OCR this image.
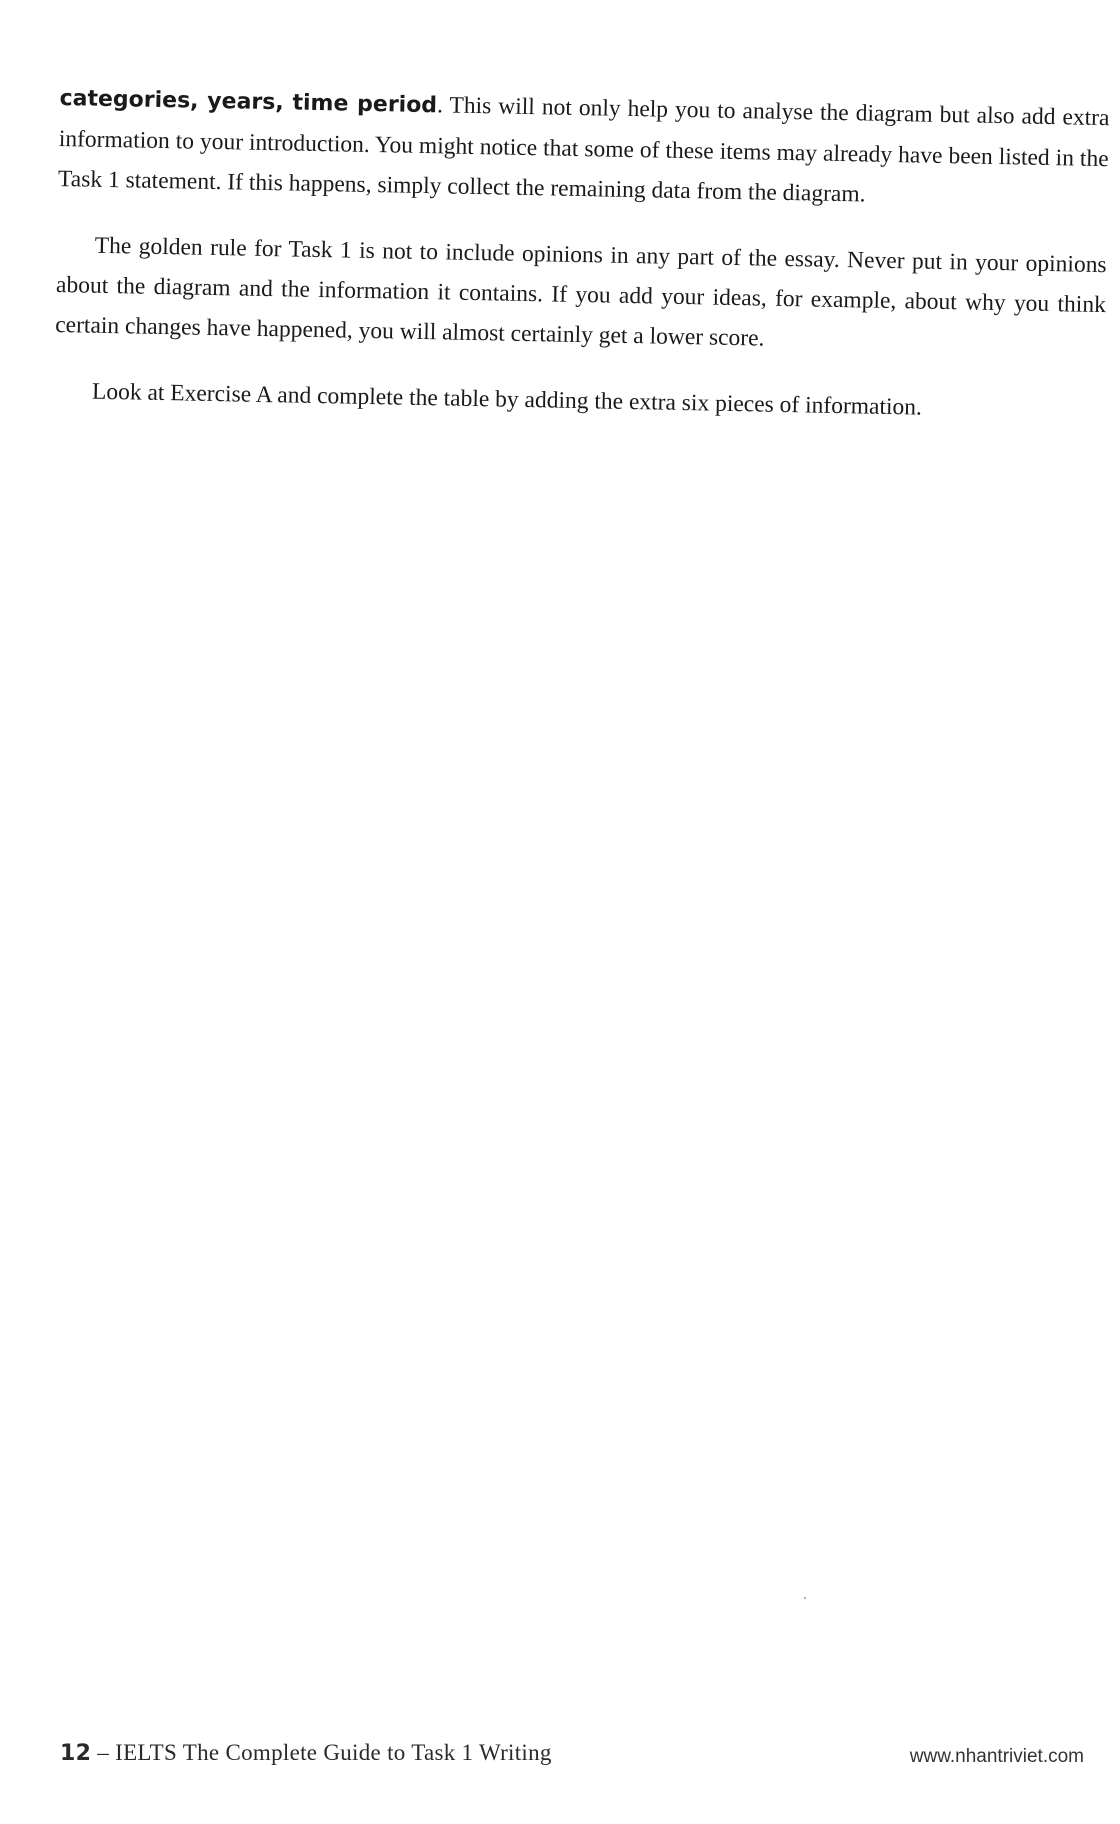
categories, years, time period. This will not only help you to analyse the diagram but also add extra information to your introduction. You might notice that some of these items may already have been listed in the Task 1 statement. If this happens, simply collect the remaining data from the diagram.

The golden rule for Task 1 is not to include opinions in any part of the essay. Never put in your opinions about the diagram and the information it contains. If you add your ideas, for example, about why you think certain changes have happened, you will almost certainly get a lower score.

Look at Exercise A and complete the table by adding the extra six pieces of information.

12 – IELTS The Complete Guide to Task 1 Writing	www.nhantriviet.com
